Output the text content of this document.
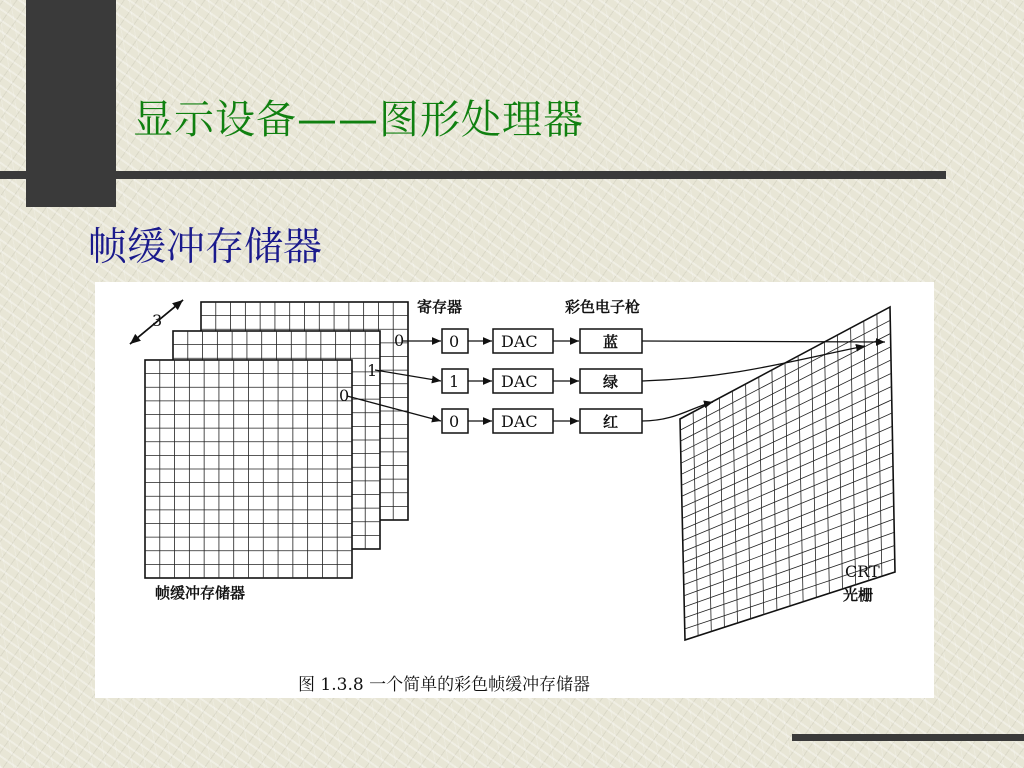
显示设备——图形处理器
帧缓冲存储器
3
0
1
0
寄存器	彩色电子枪
0	DAC	蓝
1	DAC	绿
0	DAC	红
帧缓冲存储器
CRT
光栅
图 1.3.8 一个简单的彩色帧缓冲存储器
